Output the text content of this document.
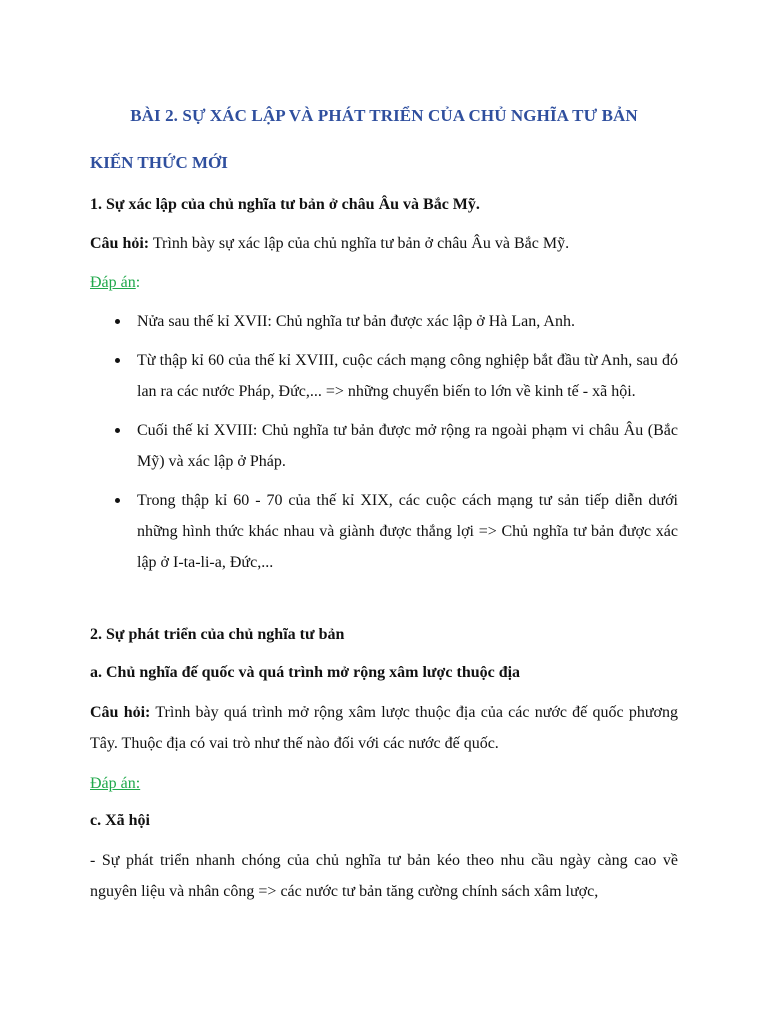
BÀI 2. SỰ XÁC LẬP VÀ PHÁT TRIỂN CỦA CHỦ NGHĨA TƯ BẢN
KIẾN THỨC MỚI
1. Sự xác lập của chủ nghĩa tư bản ở châu Âu và Bắc Mỹ.
Câu hỏi: Trình bày sự xác lập của chủ nghĩa tư bản ở châu Âu và Bắc Mỹ.
Đáp án:
Nửa sau thế kỉ XVII: Chủ nghĩa tư bản được xác lập ở Hà Lan, Anh.
Từ thập kỉ 60 của thế kỉ XVIII, cuộc cách mạng công nghiệp bắt đầu từ Anh, sau đó lan ra các nước Pháp, Đức,... => những chuyển biến to lớn về kinh tế - xã hội.
Cuối thế kỉ XVIII: Chủ nghĩa tư bản được mở rộng ra ngoài phạm vi châu Âu (Bắc Mỹ) và xác lập ở Pháp.
Trong thập kỉ 60 - 70 của thế kỉ XIX, các cuộc cách mạng tư sản tiếp diễn dưới những hình thức khác nhau và giành được thắng lợi => Chủ nghĩa tư bản được xác lập ở I-ta-li-a, Đức,...
2. Sự phát triển của chủ nghĩa tư bản
a. Chủ nghĩa đế quốc và quá trình mở rộng xâm lược thuộc địa
Câu hỏi: Trình bày quá trình mở rộng xâm lược thuộc địa của các nước đế quốc phương Tây. Thuộc địa có vai trò như thế nào đối với các nước đế quốc.
Đáp án:
c. Xã hội
- Sự phát triển nhanh chóng của chủ nghĩa tư bản kéo theo nhu cầu ngày càng cao về nguyên liệu và nhân công => các nước tư bản tăng cường chính sách xâm lược,
